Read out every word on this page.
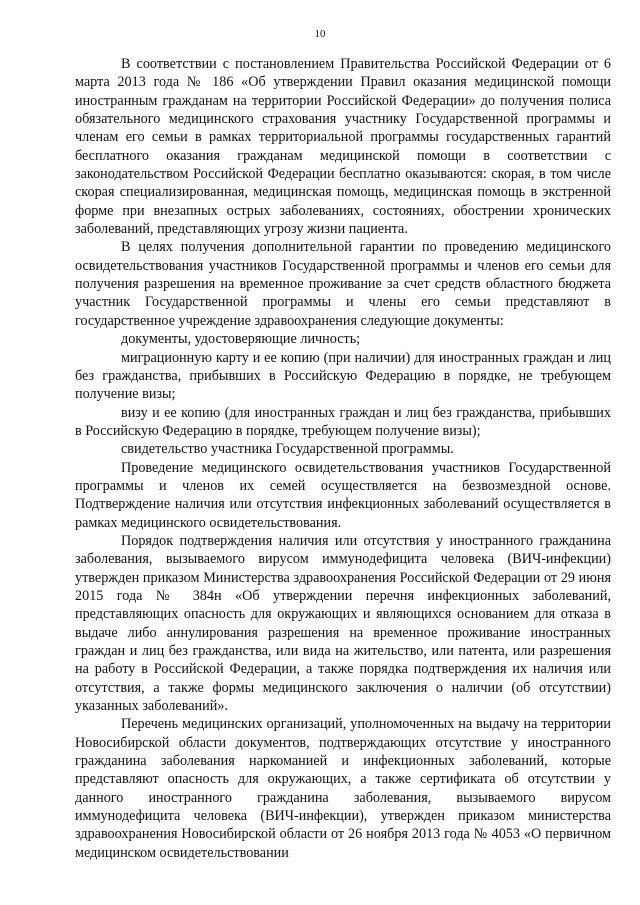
10

В соответствии с постановлением Правительства Российской Федерации от 6 марта 2013 года № 186 «Об утверждении Правил оказания медицинской помощи иностранным гражданам на территории Российской Федерации» до получения полиса обязательного медицинского страхования участнику Государственной программы и членам его семьи в рамках территориальной программы государственных гарантий бесплатного оказания гражданам медицинской помощи в соответствии с законодательством Российской Федерации бесплатно оказываются: скорая, в том числе скорая специализированная, медицинская помощь, медицинская помощь в экстренной форме при внезапных острых заболеваниях, состояниях, обострении хронических заболеваний, представляющих угрозу жизни пациента.

В целях получения дополнительной гарантии по проведению медицинского освидетельствования участников Государственной программы и членов его семьи для получения разрешения на временное проживание за счет средств областного бюджета участник Государственной программы и члены его семьи представляют в государственное учреждение здравоохранения следующие документы:

документы, удостоверяющие личность;

миграционную карту и ее копию (при наличии) для иностранных граждан и лиц без гражданства, прибывших в Российскую Федерацию в порядке, не требующем получение визы;

визу и ее копию (для иностранных граждан и лиц без гражданства, прибывших в Российскую Федерацию в порядке, требующем получение визы);

свидетельство участника Государственной программы.

Проведение медицинского освидетельствования участников Государственной программы и членов их семей осуществляется на безвозмездной основе. Подтверждение наличия или отсутствия инфекционных заболеваний осуществляется в рамках медицинского освидетельствования.

Порядок подтверждения наличия или отсутствия у иностранного гражданина заболевания, вызываемого вирусом иммунодефицита человека (ВИЧ-инфекции) утвержден приказом Министерства здравоохранения Российской Федерации от 29 июня 2015 года № 384н «Об утверждении перечня инфекционных заболеваний, представляющих опасность для окружающих и являющихся основанием для отказа в выдаче либо аннулирования разрешения на временное проживание иностранных граждан и лиц без гражданства, или вида на жительство, или патента, или разрешения на работу в Российской Федерации, а также порядка подтверждения их наличия или отсутствия, а также формы медицинского заключения о наличии (об отсутствии) указанных заболеваний».

Перечень медицинских организаций, уполномоченных на выдачу на территории Новосибирской области документов, подтверждающих отсутствие у иностранного гражданина заболевания наркоманией и инфекционных заболеваний, которые представляют опасность для окружающих, а также сертификата об отсутствии у данного иностранного гражданина заболевания, вызываемого вирусом иммунодефицита человека (ВИЧ-инфекции), утвержден приказом министерства здравоохранения Новосибирской области от 26 ноября 2013 года № 4053 «О первичном медицинском освидетельствовании
